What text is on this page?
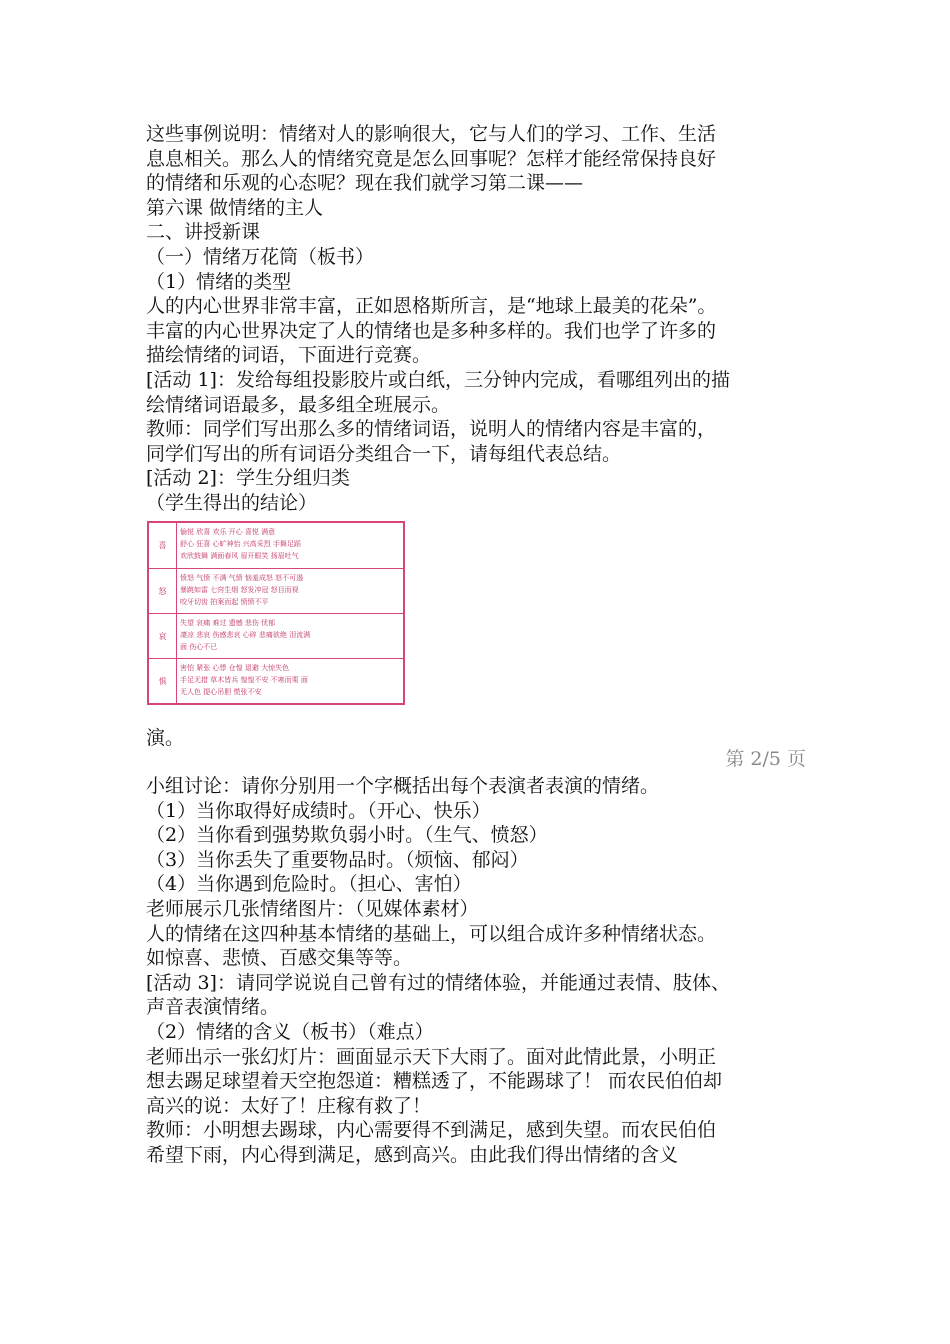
这些事例说明：情绪对人的影响很大，它与人们的学习、工作、生活
息息相关。那么人的情绪究竟是怎么回事呢？怎样才能经常保持良好
的情绪和乐观的心态呢？现在我们就学习第二课——
第六课 做情绪的主人
二、讲授新课
（一）情绪万花筒（板书）
（1）情绪的类型
人的内心世界非常丰富，正如恩格斯所言，是“地球上最美的花朵”。
丰富的内心世界决定了人的情绪也是多种多样的。我们也学了许多的
描绘情绪的词语，下面进行竞赛。
[活动 1]：发给每组投影胶片或白纸，三分钟内完成，看哪组列出的描
绘情绪词语最多，最多组全班展示。
教师：同学们写出那么多的情绪词语，说明人的情绪内容是丰富的，
同学们写出的所有词语分类组合一下，请每组代表总结。
[活动 2]：学生分组归类
（学生得出的结论）
喜
愉悦 欣喜 欢乐 开心 喜悦 满意
舒心 狂喜 心旷神怡 兴高采烈 手舞足蹈
欢欣鼓舞 满面春风 眉开眼笑 扬眉吐气
怒
愤怒 气愤 不满 气愤 恼羞成怒 怒不可遏
暴跳如雷 七窍生烟 怒发冲冠 怒目而视
咬牙切齿 拍案而起 愤愤不平
哀
失望 哀痛 难过 遗憾 悲伤 忧郁
凄凉 悲哀 伤感悲哀 心碎 悲痛欲绝 泪流满
面 伤心不已
惧
害怕 紧张 心悸 仓惶 退避 大惊失色
手足无措 草木皆兵 惶惶不安 不寒而栗 面
无人色 提心吊胆 慌张不安
演。
第 2/5 页
小组讨论：请你分别用一个字概括出每个表演者表演的情绪。
（1）当你取得好成绩时。（开心、快乐）
（2）当你看到强势欺负弱小时。（生气、愤怒）
（3）当你丢失了重要物品时。（烦恼、郁闷）
（4）当你遇到危险时。（担心、害怕）
老师展示几张情绪图片：（见媒体素材）
人的情绪在这四种基本情绪的基础上，可以组合成许多种情绪状态。
如惊喜、悲愤、百感交集等等。
[活动 3]：请同学说说自己曾有过的情绪体验，并能通过表情、肢体、
声音表演情绪。
（2）情绪的含义（板书）（难点）
老师出示一张幻灯片：画面显示天下大雨了。面对此情此景，小明正
想去踢足球望着天空抱怨道：糟糕透了，不能踢球了！ 而农民伯伯却
高兴的说：太好了！庄稼有救了！
教师：小明想去踢球，内心需要得不到满足，感到失望。而农民伯伯
希望下雨，内心得到满足，感到高兴。由此我们得出情绪的含义
